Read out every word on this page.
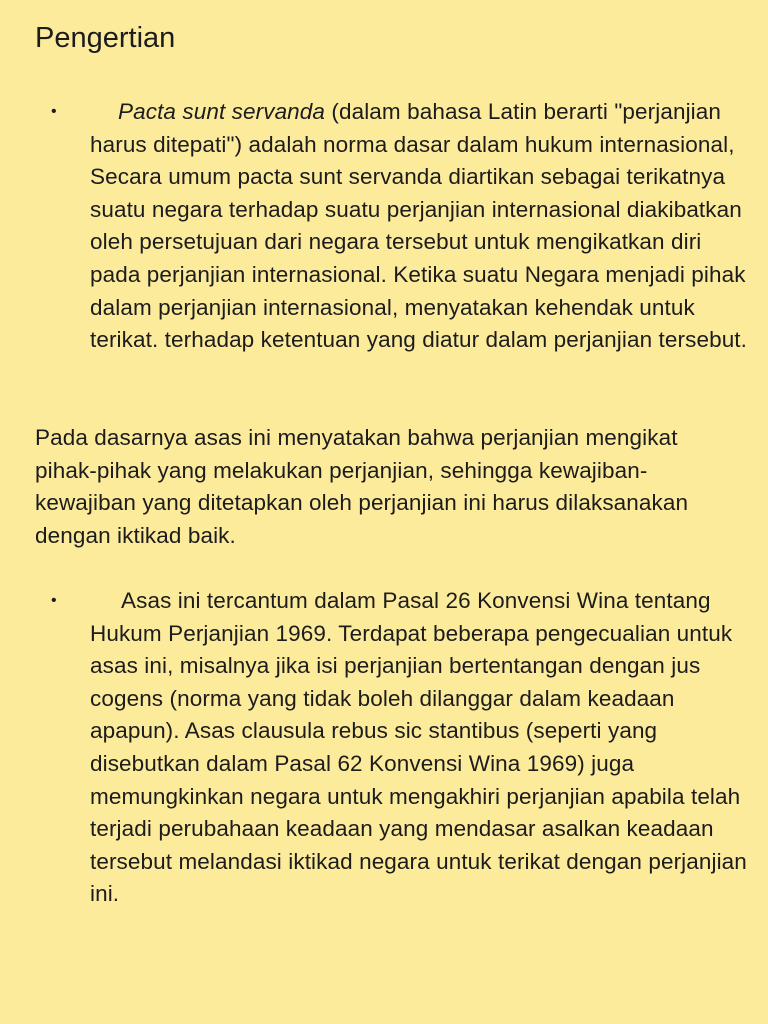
Pengertian
•	Pacta sunt servanda (dalam bahasa Latin berarti "perjanjian harus ditepati") adalah norma dasar dalam hukum internasional, Secara umum pacta sunt servanda diartikan sebagai terikatnya suatu negara terhadap suatu perjanjian internasional diakibatkan oleh persetujuan dari negara tersebut untuk mengikatkan diri pada perjanjian internasional. Ketika suatu Negara menjadi pihak dalam perjanjian internasional, menyatakan kehendak untuk terikat. terhadap ketentuan yang diatur dalam perjanjian tersebut.

Pada dasarnya asas ini menyatakan bahwa perjanjian mengikat pihak-pihak yang melakukan perjanjian, sehingga kewajiban-kewajiban yang ditetapkan oleh perjanjian ini harus dilaksanakan dengan iktikad baik.

•	Asas ini tercantum dalam Pasal 26 Konvensi Wina tentang Hukum Perjanjian 1969. Terdapat beberapa pengecualian untuk asas ini, misalnya jika isi perjanjian bertentangan dengan jus cogens (norma yang tidak boleh dilanggar dalam keadaan apapun). Asas clausula rebus sic stantibus (seperti yang disebutkan dalam Pasal 62 Konvensi Wina 1969) juga memungkinkan negara untuk mengakhiri perjanjian apabila telah terjadi perubahaan keadaan yang mendasar asalkan keadaan tersebut melandasi iktikad negara untuk terikat dengan perjanjian ini.
